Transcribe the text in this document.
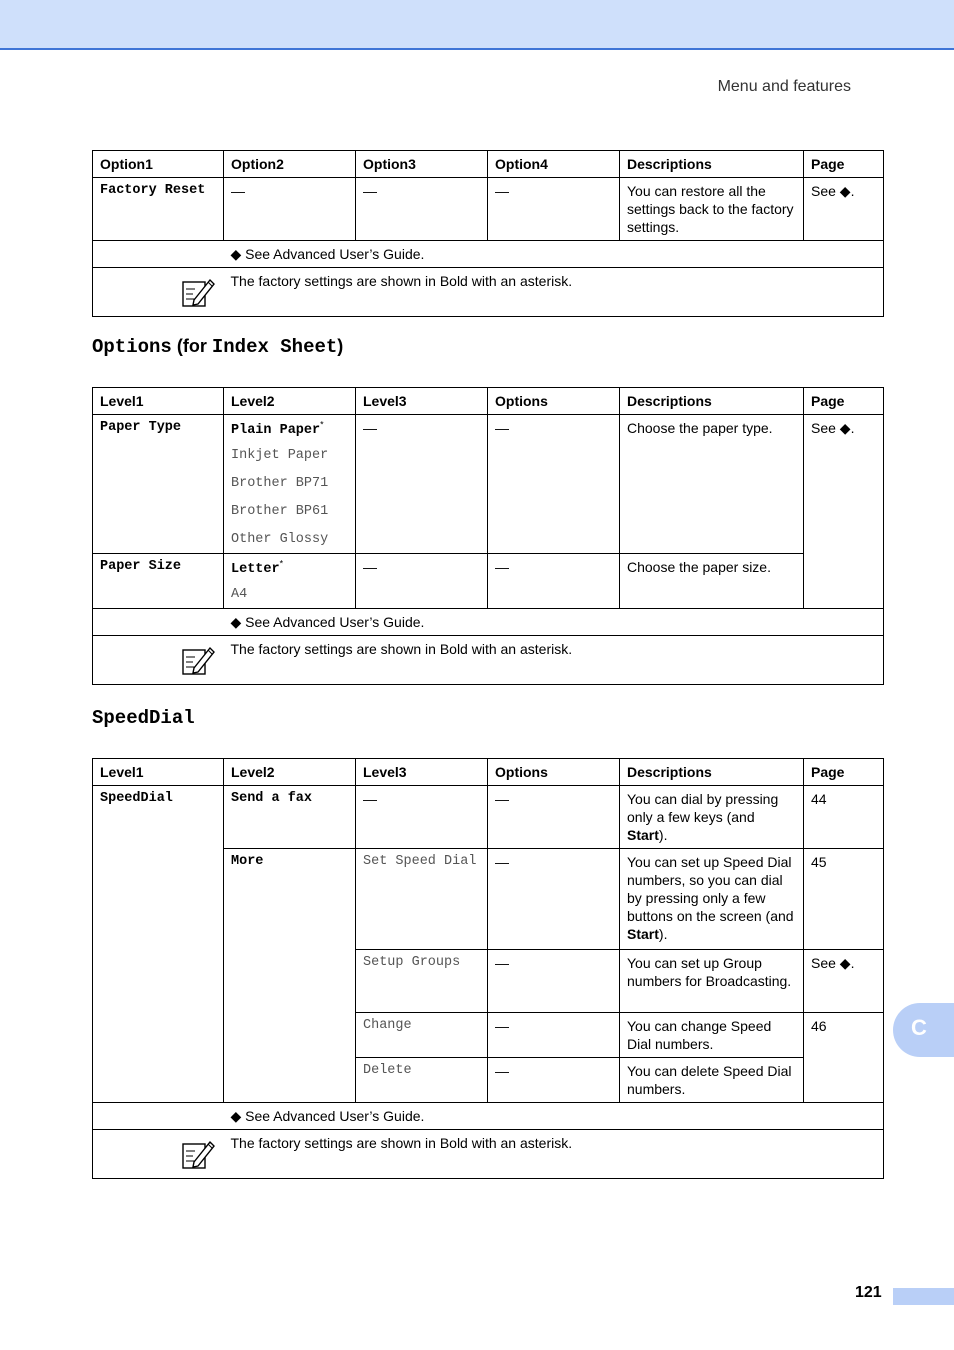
Menu and features
Option1	Option2	Option3	Option4	Descriptions	Page
Factory Reset	—	—	—	You can restore all the settings back to the factory settings.	See ◆.
	◆ See Advanced User’s Guide.				

	The factory settings are shown in Bold with an asterisk.				
Options (for Index Sheet)
Level1	Level2	Level3	Options	Descriptions	Page
Paper Type	Plain Paper*
Inkjet Paper
Brother BP71
Brother BP61
Other Glossy	—	—	Choose the paper type.	See ◆.
Paper Size	Letter*
A4	—	—	Choose the paper size.	
	◆ See Advanced User’s Guide.				

	The factory settings are shown in Bold with an asterisk.				
SpeedDial
Level1	Level2	Level3	Options	Descriptions	Page
SpeedDial	Send a fax	—	—	You can dial by pressing only a few keys (and Start).	44
	More	Set Speed Dial	—	You can set up Speed Dial numbers, so you can dial by pressing only a few buttons on the screen (and Start).	45
		Setup Groups	—	You can set up Group numbers for Broadcasting.	See ◆.
		Change	—	You can change Speed Dial numbers.	46
		Delete	—	You can delete Speed Dial numbers.	
	◆ See Advanced User’s Guide.				

	The factory settings are shown in Bold with an asterisk.				
C
121
